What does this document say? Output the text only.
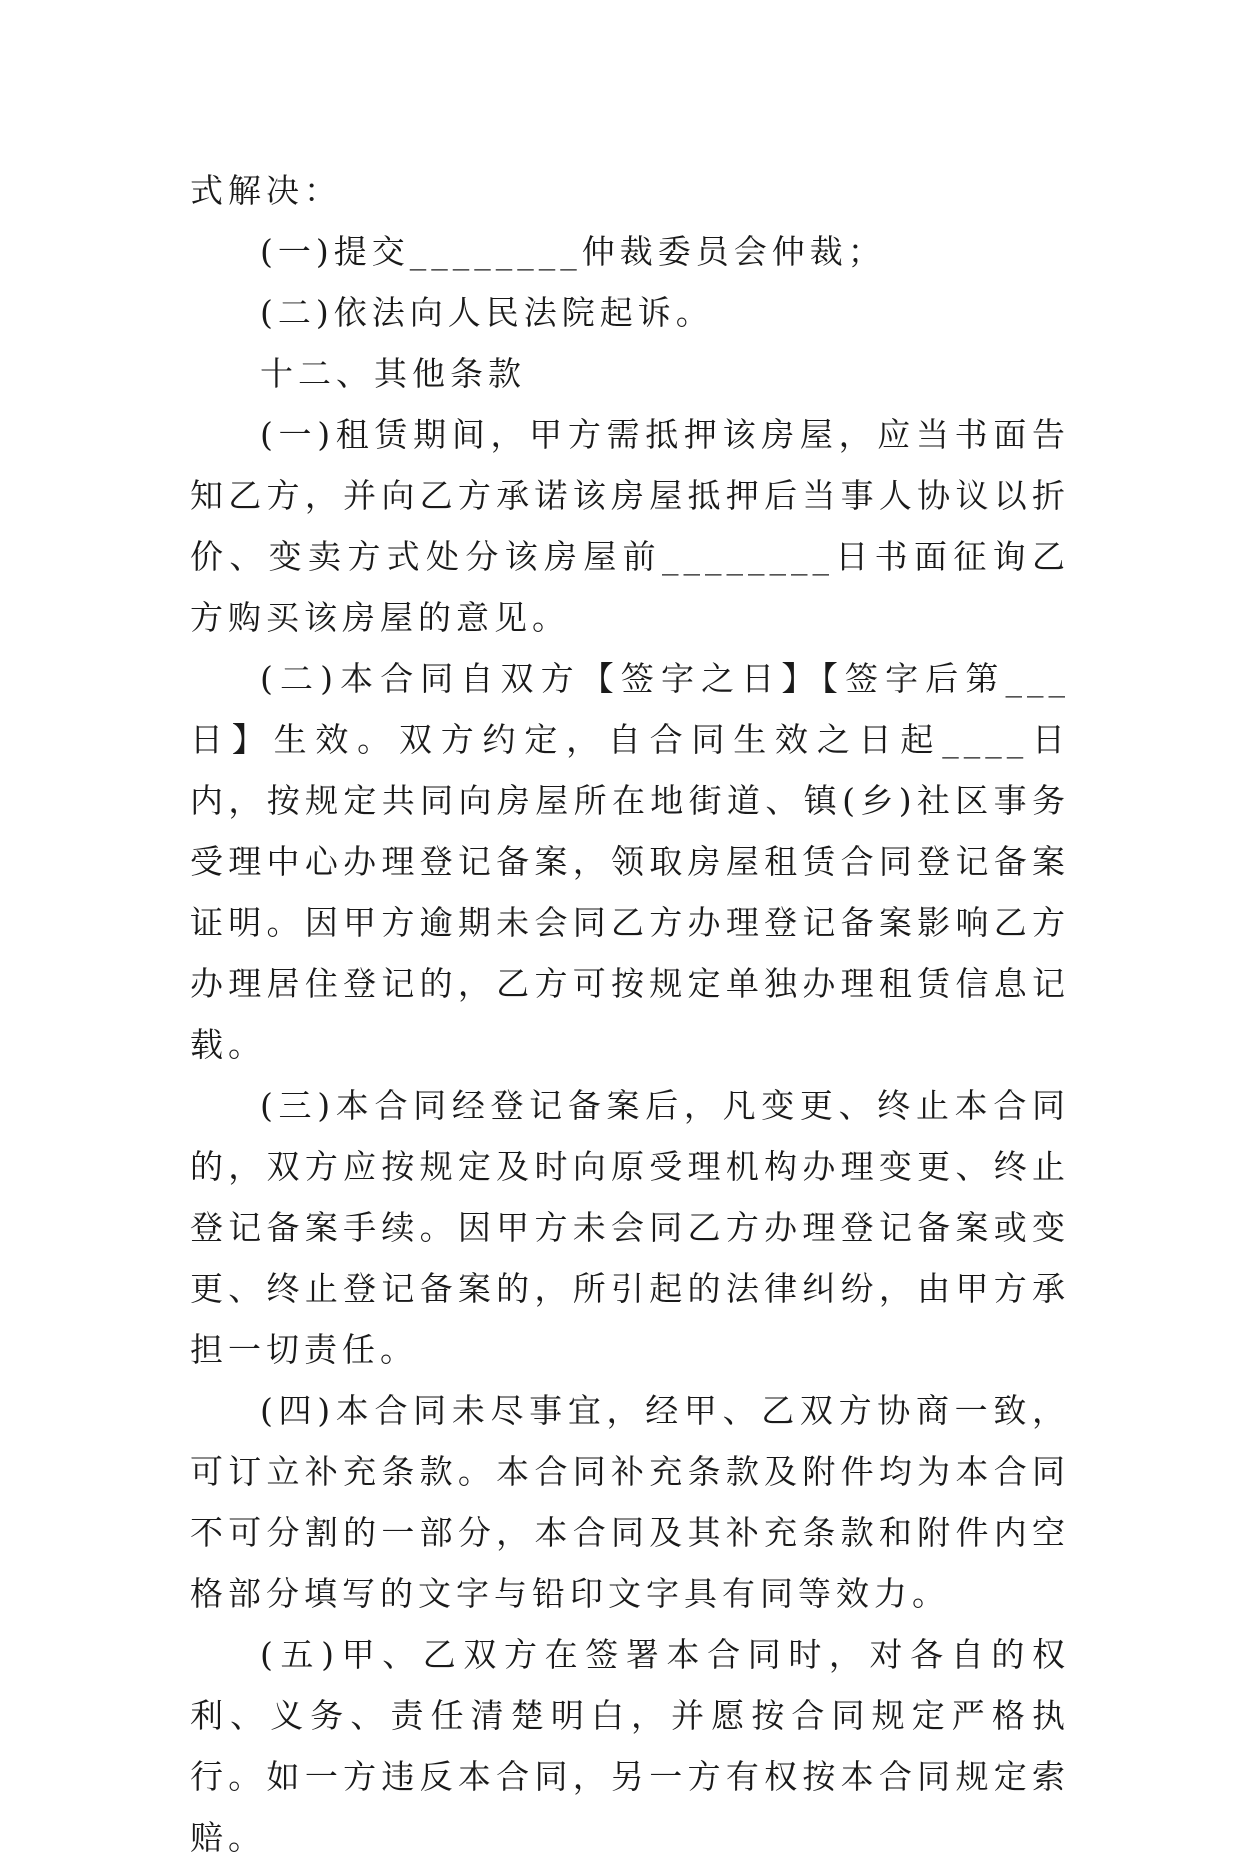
式解决：

(一)提交________仲裁委员会仲裁；

(二)依法向人民法院起诉。

十二、其他条款

(一)租赁期间，甲方需抵押该房屋，应当书面告知乙方，并向乙方承诺该房屋抵押后当事人协议以折价、变卖方式处分该房屋前________日书面征询乙方购买该房屋的意见。

(二)本合同自双方【签字之日】【签字后第___日】生效。双方约定，自合同生效之日起____日内，按规定共同向房屋所在地街道、镇(乡)社区事务受理中心办理登记备案，领取房屋租赁合同登记备案证明。因甲方逾期未会同乙方办理登记备案影响乙方办理居住登记的，乙方可按规定单独办理租赁信息记载。

(三)本合同经登记备案后，凡变更、终止本合同的，双方应按规定及时向原受理机构办理变更、终止登记备案手续。因甲方未会同乙方办理登记备案或变更、终止登记备案的，所引起的法律纠纷，由甲方承担一切责任。

(四)本合同未尽事宜，经甲、乙双方协商一致，可订立补充条款。本合同补充条款及附件均为本合同不可分割的一部分，本合同及其补充条款和附件内空格部分填写的文字与铅印文字具有同等效力。

(五)甲、乙双方在签署本合同时，对各自的权利、义务、责任清楚明白，并愿按合同规定严格执行。如一方违反本合同，另一方有权按本合同规定索赔。
